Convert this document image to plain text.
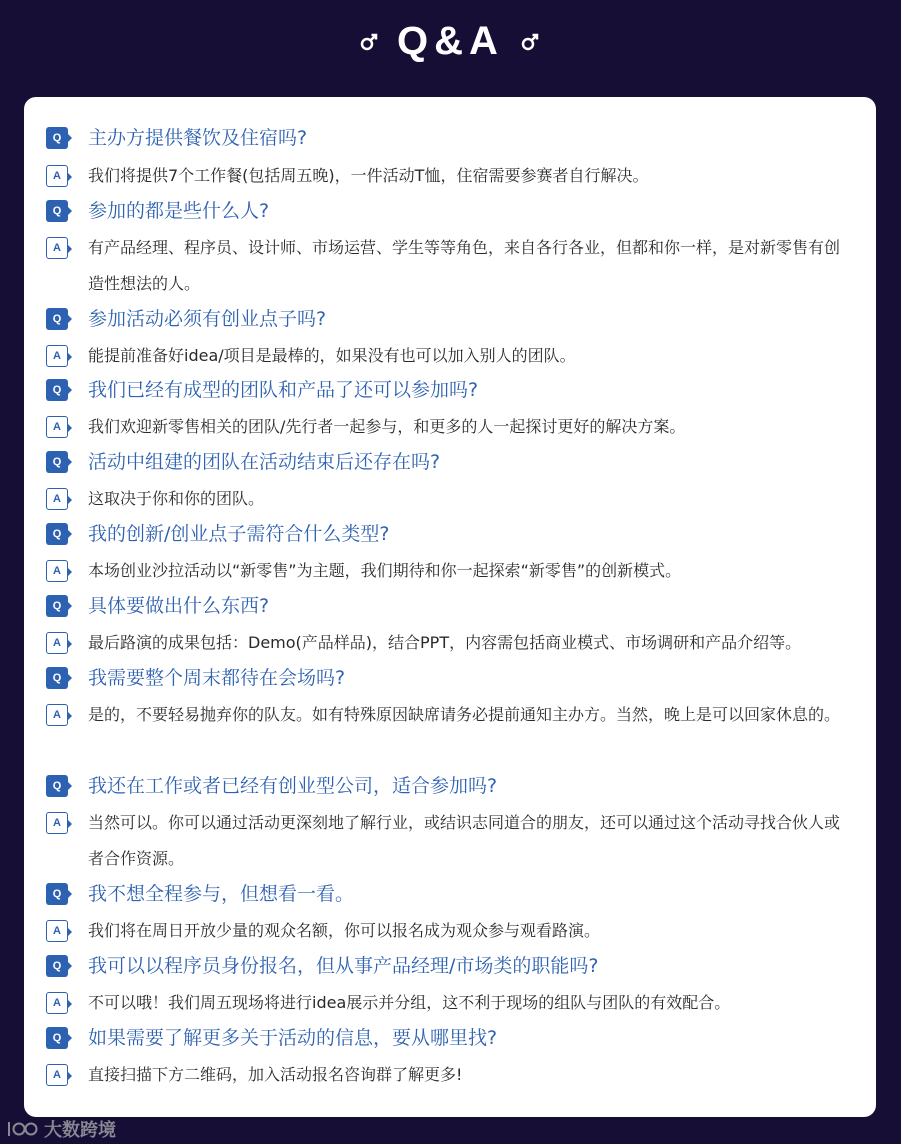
Q&A
Q	主办方提供餐饮及住宿吗?
A	我们将提供7个工作餐(包括周五晚)，一件活动T恤，住宿需要参赛者自行解决。
Q	参加的都是些什么人?
A	有产品经理、程序员、设计师、市场运营、学生等等角色，来自各行各业，但都和你一样，是对新零售有创造性想法的人。
Q	参加活动必须有创业点子吗?
A	能提前准备好idea/项目是最棒的，如果没有也可以加入别人的团队。
Q	我们已经有成型的团队和产品了还可以参加吗?
A	我们欢迎新零售相关的团队/先行者一起参与，和更多的人一起探讨更好的解决方案。
Q	活动中组建的团队在活动结束后还存在吗?
A	这取决于你和你的团队。
Q	我的创新/创业点子需符合什么类型?
A	本场创业沙拉活动以“新零售”为主题，我们期待和你一起探索“新零售”的创新模式。
Q	具体要做出什么东西?
A	最后路演的成果包括：Demo(产品样品)，结合PPT，内容需包括商业模式、市场调研和产品介绍等。
Q	我需要整个周末都待在会场吗?
A	是的，不要轻易抛弃你的队友。如有特殊原因缺席请务必提前通知主办方。当然，晚上是可以回家休息的。
Q	我还在工作或者已经有创业型公司，适合参加吗?
A	当然可以。你可以通过活动更深刻地了解行业，或结识志同道合的朋友，还可以通过这个活动寻找合伙人或者合作资源。
Q	我不想全程参与，但想看一看。
A	我们将在周日开放少量的观众名额，你可以报名成为观众参与观看路演。
Q	我可以以程序员身份报名，但从事产品经理/市场类的职能吗?
A	不可以哦！我们周五现场将进行idea展示并分组，这不利于现场的组队与团队的有效配合。
Q	如果需要了解更多关于活动的信息，要从哪里找?
A	直接扫描下方二维码，加入活动报名咨询群了解更多!
大数跨境
